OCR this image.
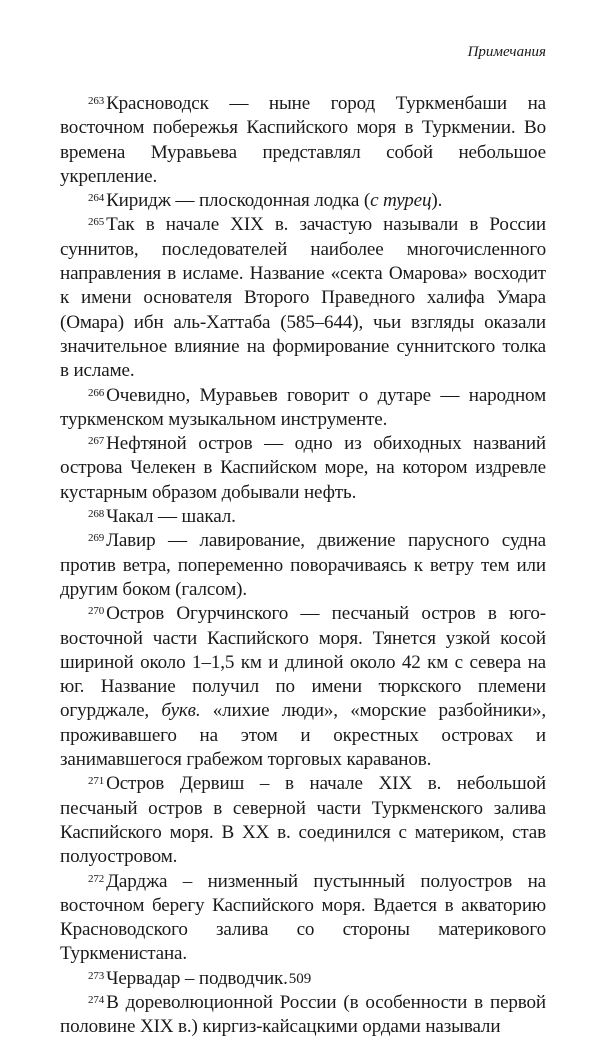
Примечания

$^{263}$ Красноводск — ныне город Туркменбаши на восточном побережья Каспийского моря в Туркмении. Во времена Муравьева представлял собой небольшое укрепление.

$^{264}$ Киридж — плоскодонная лодка (с турец).

$^{265}$ Так в начале XIX в. зачастую называли в России суннитов, последователей наиболее многочисленного направления в исламе. Название «секта Омарова» восходит к имени основателя Второго Праведного халифа Умара (Омара) ибн аль-Хаттаба (585–644), чьи взгляды оказали значительное влияние на формирование суннитского толка в исламе.

$^{266}$ Очевидно, Муравьев говорит о дутаре — народном туркменском музыкальном инструменте.

$^{267}$ Нефтяной остров — одно из обиходных названий острова Челекен в Каспийском море, на котором издревле кустарным образом добывали нефть.

$^{268}$ Чакал — шакал.

$^{269}$ Лавир — лавирование, движение парусного судна против ветра, попеременно поворачиваясь к ветру тем или другим боком (галсом).

$^{270}$ Остров Огурчинского — песчаный остров в юго-восточной части Каспийского моря. Тянется узкой косой шириной около 1–1,5 км и длиной около 42 км с севера на юг. Название получил по имени тюркского племени огурджале, букв. «лихие люди», «морские разбойники», проживавшего на этом и окрестных островах и занимавшегося грабежом торговых караванов.

$^{271}$ Остров Дервиш – в начале XIX в. небольшой песчаный остров в северной части Туркменского залива Каспийского моря. В XX в. соединился с материком, став полуостровом.

$^{272}$ Дарджа – низменный пустынный полуостров на восточном берегу Каспийского моря. Вдается в акваторию Красноводского залива со стороны материкового Туркменистана.

$^{273}$ Червадар – подводчик.

$^{274}$ В дореволюционной России (в особенности в первой половине XIX в.) киргиз-кайсацкими ордами называли

509
